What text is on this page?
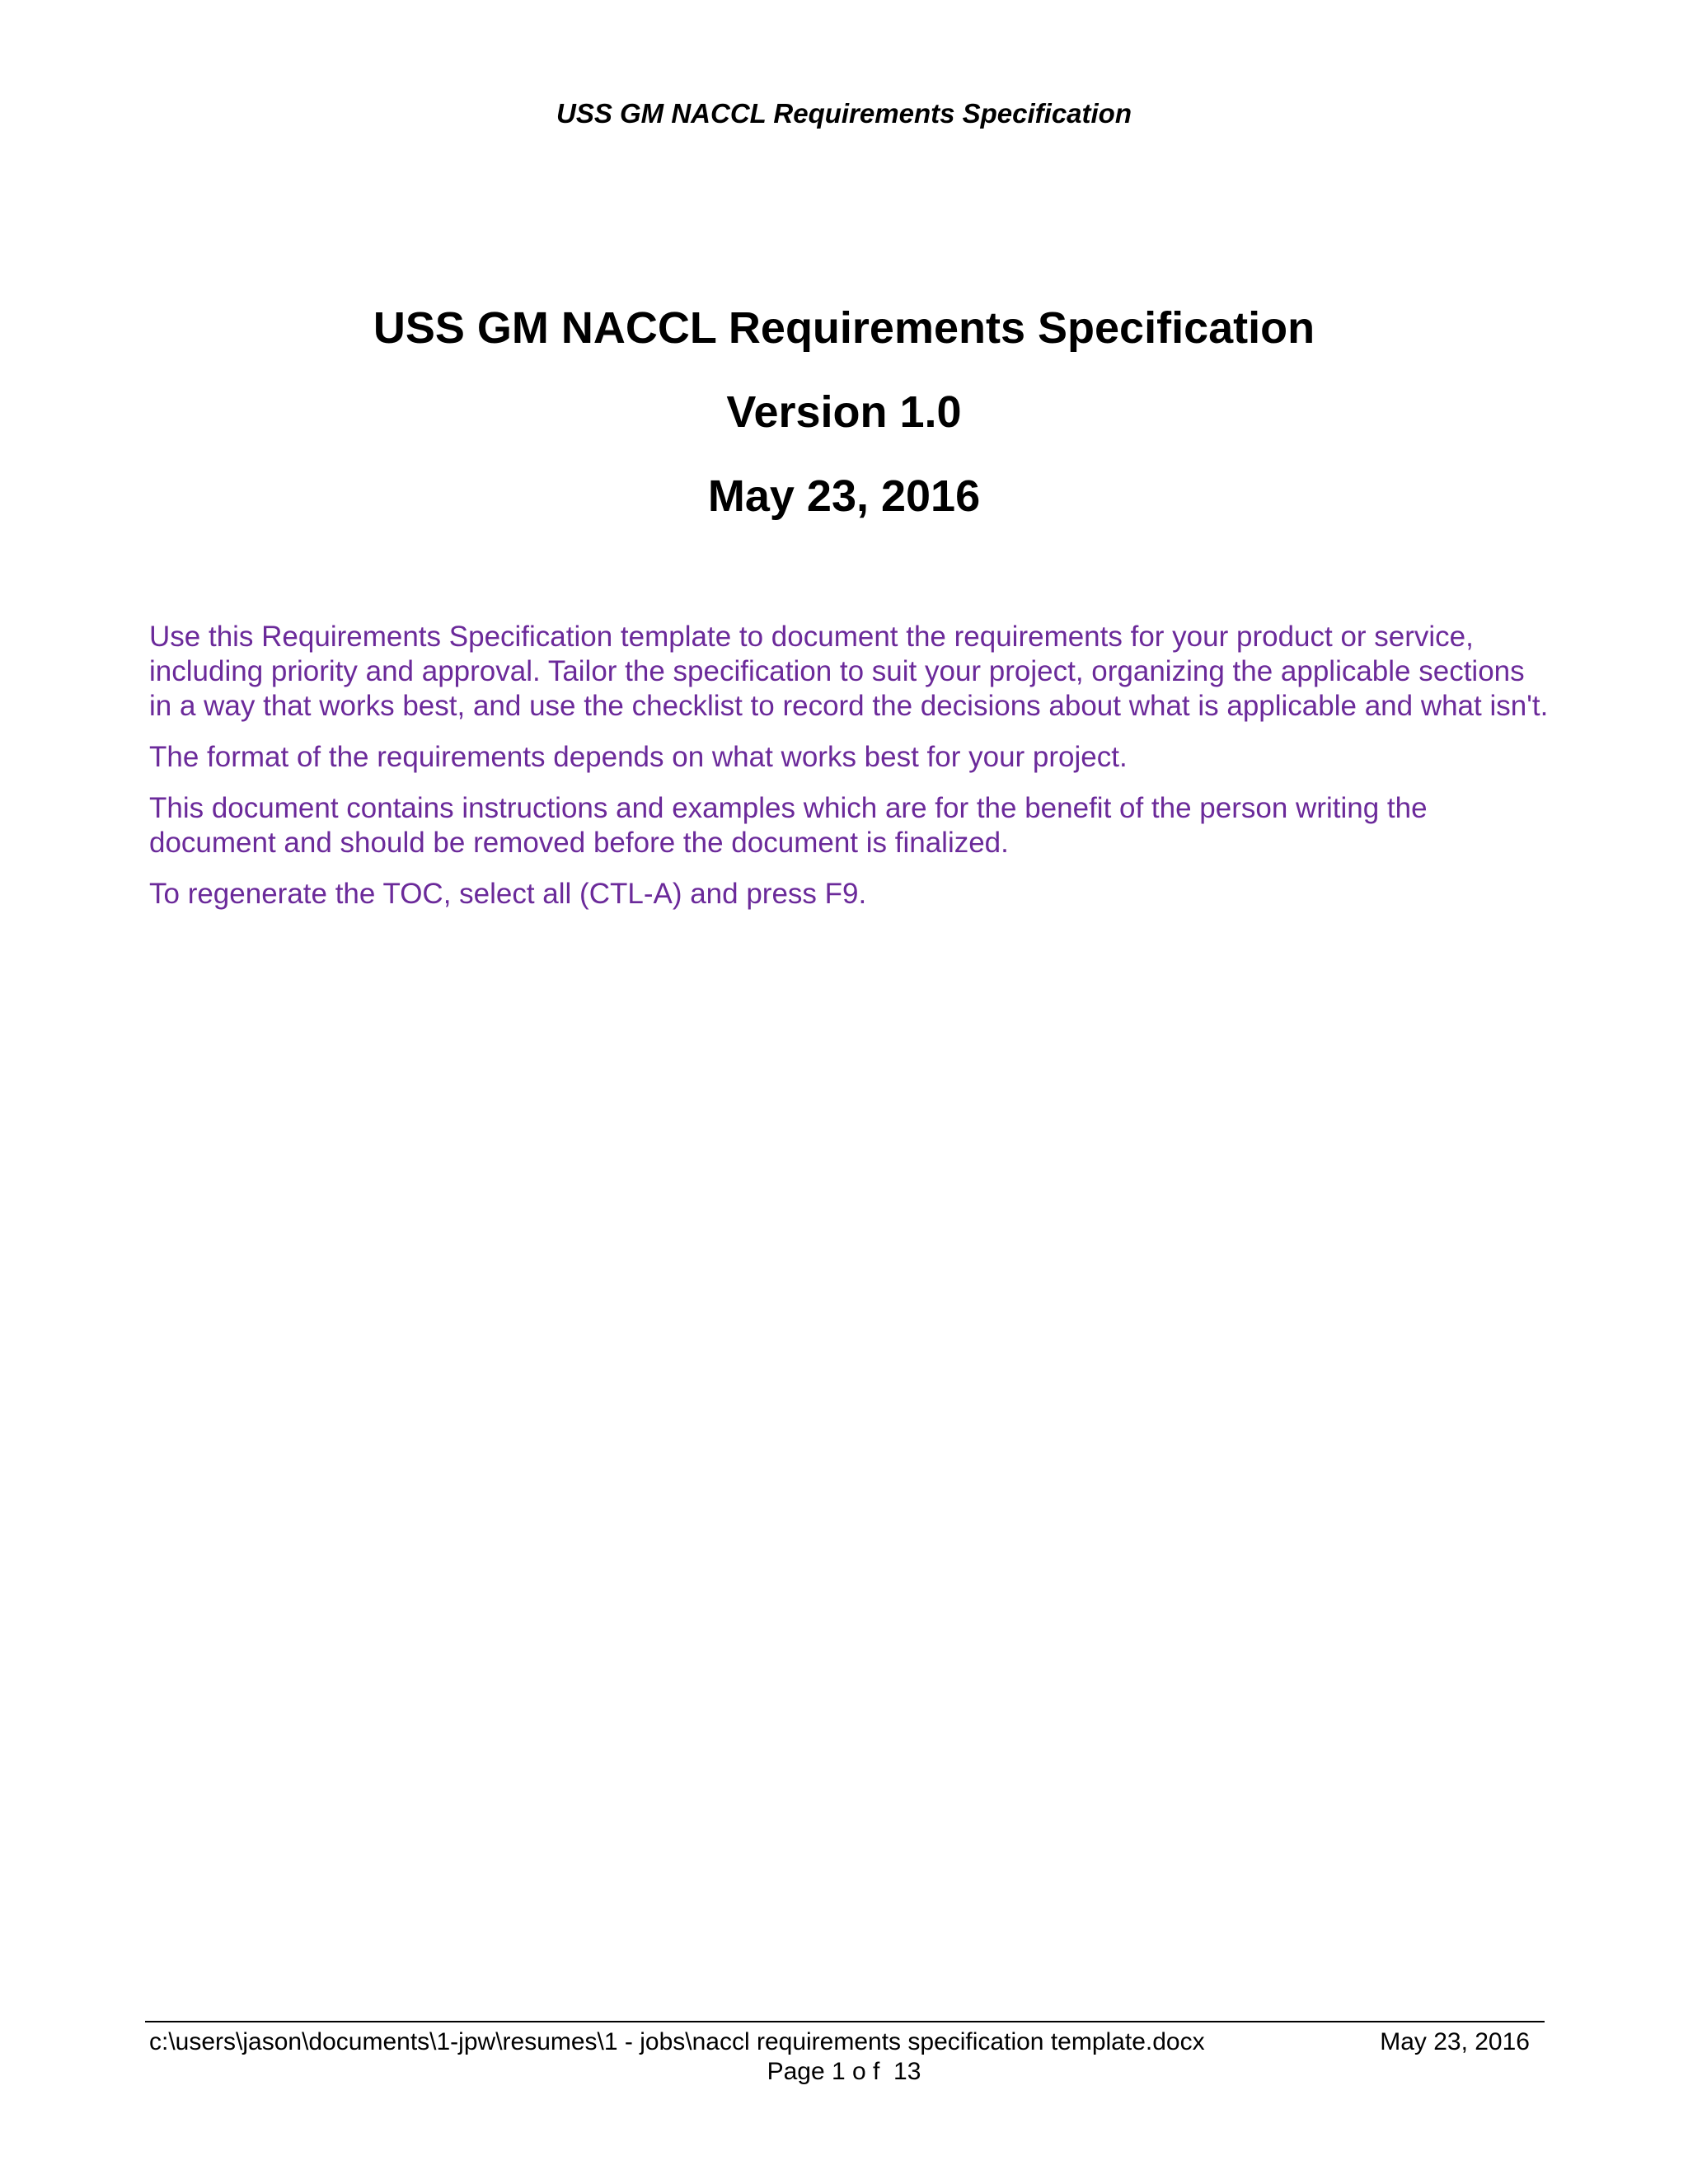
USS GM NACCL Requirements Specification
USS GM NACCL Requirements Specification
Version 1.0
May 23, 2016

Use this Requirements Specification template to document the requirements for your product or service, including priority and approval. Tailor the specification to suit your project, organizing the applicable sections in a way that works best, and use the checklist to record the decisions about what is applicable and what isn't.

The format of the requirements depends on what works best for your project.

This document contains instructions and examples which are for the benefit of the person writing the document and should be removed before the document is finalized.

To regenerate the TOC, select all (CTL-A) and press F9.

c:\users\jason\documents\1-jpw\resumes\1 - jobs\naccl requirements specification template.docx	May 23, 2016
Page 1 o f  13
